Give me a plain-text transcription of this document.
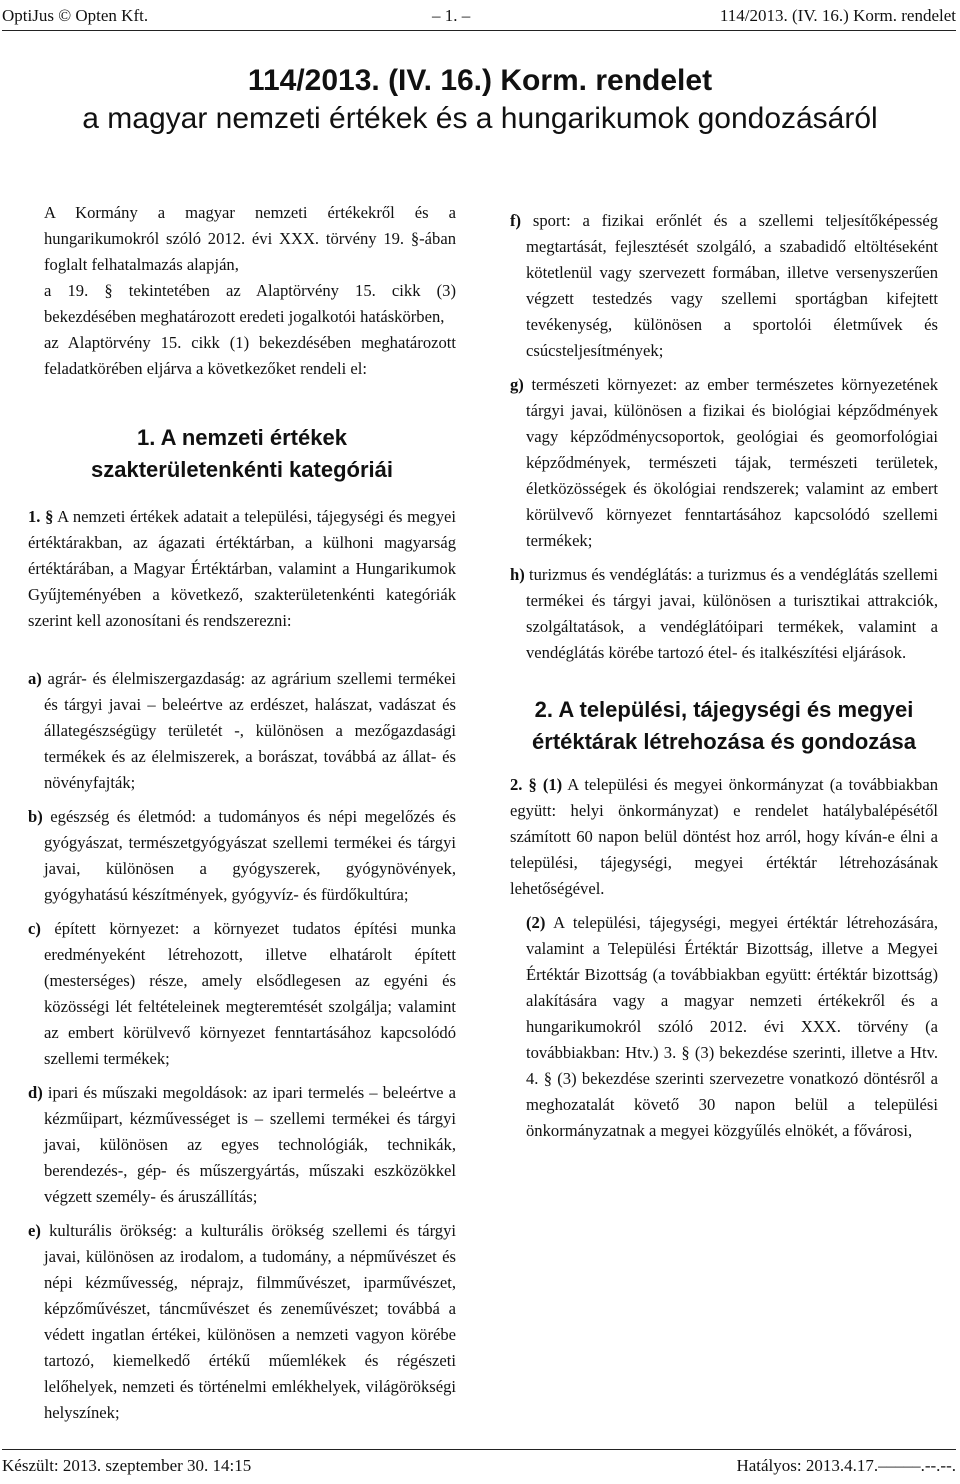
OptiJus © Opten Kft.	– 1. –	114/2013. (IV. 16.) Korm. rendelet
114/2013. (IV. 16.) Korm. rendelet
a magyar nemzeti értékek és a hungarikumok gondozásáról

A Kormány a magyar nemzeti értékekről és a hungarikumokról szóló 2012. évi XXX. törvény 19. §-ában foglalt felhatalmazás alapján,

a 19. § tekintetében az Alaptörvény 15. cikk (3) bekezdésében meghatározott eredeti jogalkotói hatáskörben,

az Alaptörvény 15. cikk (1) bekezdésében meghatározott feladatkörében eljárva a következőket rendeli el:

1. A nemzeti értékek
szakterületenkénti kategóriái

1. § A nemzeti értékek adatait a települési, tájegységi és megyei értéktárakban, az ágazati értéktárban, a külhoni magyarság értéktárában, a Magyar Értéktárban, valamint a Hungarikumok Gyűjteményében a következő, szakterületenkénti kategóriák szerint kell azonosítani és rendszerezni:

a) agrár- és élelmiszergazdaság: az agrárium szellemi termékei és tárgyi javai – beleértve az erdészet, halászat, vadászat és állategészségügy területét -, különösen a mezőgazdasági termékek és az élelmiszerek, a borászat, továbbá az állat- és növényfajták;

b) egészség és életmód: a tudományos és népi megelőzés és gyógyászat, természetgyógyászat szellemi termékei és tárgyi javai, különösen a gyógyszerek, gyógynövények, gyógyhatású készítmények, gyógyvíz- és fürdőkultúra;

c) épített környezet: a környezet tudatos építési munka eredményeként létrehozott, illetve elhatárolt épített (mesterséges) része, amely elsődlegesen az egyéni és közösségi lét feltételeinek megteremtését szolgálja; valamint az embert körülvevő környezet fenntartásához kapcsolódó szellemi termékek;

d) ipari és műszaki megoldások: az ipari termelés – beleértve a kézműipart, kézművességet is – szellemi termékei és tárgyi javai, különösen az egyes technológiák, technikák, berendezés-, gép- és műszergyártás, műszaki eszközökkel végzett személy- és áruszállítás;

e) kulturális örökség: a kulturális örökség szellemi és tárgyi javai, különösen az irodalom, a tudomány, a népművészet és népi kézművesség, néprajz, filmművészet, iparművészet, képzőművészet, táncművészet és zeneművészet; továbbá a védett ingatlan értékei, különösen a nemzeti vagyon körébe tartozó, kiemelkedő értékű műemlékek és régészeti lelőhelyek, nemzeti és történelmi emlékhelyek, világörökségi helyszínek;

f) sport: a fizikai erőnlét és a szellemi teljesítőképesség megtartását, fejlesztését szolgáló, a szabadidő eltöltéseként kötetlenül vagy szervezett formában, illetve versenyszerűen végzett testedzés vagy szellemi sportágban kifejtett tevékenység, különösen a sportolói életművek és csúcsteljesítmények;

g) természeti környezet: az ember természetes környezetének tárgyi javai, különösen a fizikai és biológiai képződmények vagy képződménycsoportok, geológiai és geomorfológiai képződmények, természeti tájak, természeti területek, életközösségek és ökológiai rendszerek; valamint az embert körülvevő környezet fenntartásához kapcsolódó szellemi termékek;

h) turizmus és vendéglátás: a turizmus és a vendéglátás szellemi termékei és tárgyi javai, különösen a turisztikai attrakciók, szolgáltatások, a vendéglátóipari termékek, valamint a vendéglátás körébe tartozó étel- és italkészítési eljárások.

2. A települési, tájegységi és megyei
értéktárak létrehozása és gondozása

2. § (1) A települési és megyei önkormányzat (a továbbiakban együtt: helyi önkormányzat) e rendelet hatálybalépésétől számított 60 napon belül döntést hoz arról, hogy kíván-e élni a települési, tájegységi, megyei értéktár létrehozásának lehetőségével.

(2) A települési, tájegységi, megyei értéktár létrehozására, valamint a Települési Értéktár Bizottság, illetve a Megyei Értéktár Bizottság (a továbbiakban együtt: értéktár bizottság) alakítására vagy a magyar nemzeti értékekről és a hungarikumokról szóló 2012. évi XXX. törvény (a továbbiakban: Htv.) 3. § (3) bekezdése szerinti, illetve a Htv. 4. § (3) bekezdése szerinti szervezetre vonatkozó döntésről a meghozatalát követő 30 napon belül a települési önkormányzatnak a megyei közgyűlés elnökét, a fővárosi,

Készült: 2013. szeptember 30. 14:15	Hatályos: 2013.4.17.–––––.--.--.
